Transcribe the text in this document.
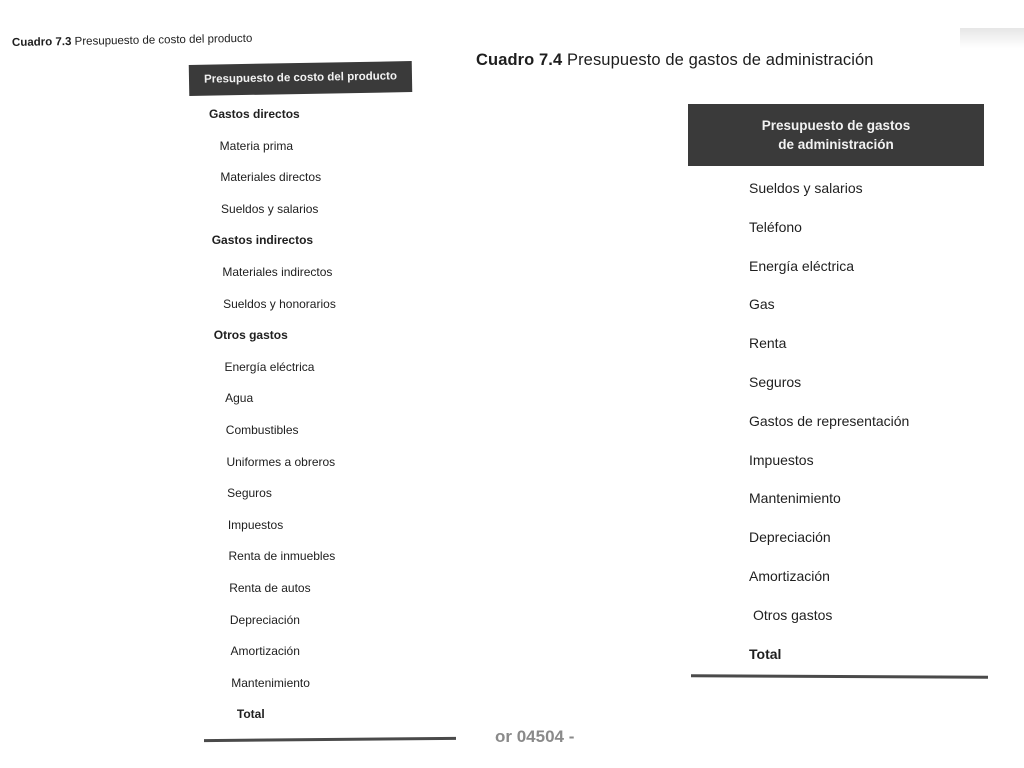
Cuadro 7.3 Presupuesto de costo del producto
Presupuesto de costo del producto
Gastos directos
Materia prima
Materiales directos
Sueldos y salarios
Gastos indirectos
Materiales indirectos
Sueldos y honorarios
Otros gastos
Energía eléctrica
Agua
Combustibles
Uniformes a obreros
Seguros
Impuestos
Renta de inmuebles
Renta de autos
Depreciación
Amortización
Mantenimiento
Total
Cuadro 7.4 Presupuesto de gastos de administración
Presupuesto de gastos
de administración
Sueldos y salarios
Teléfono
Energía eléctrica
Gas
Renta
Seguros
Gastos de representación
Impuestos
Mantenimiento
Depreciación
Amortización
Otros gastos
Total
or 04504 -
